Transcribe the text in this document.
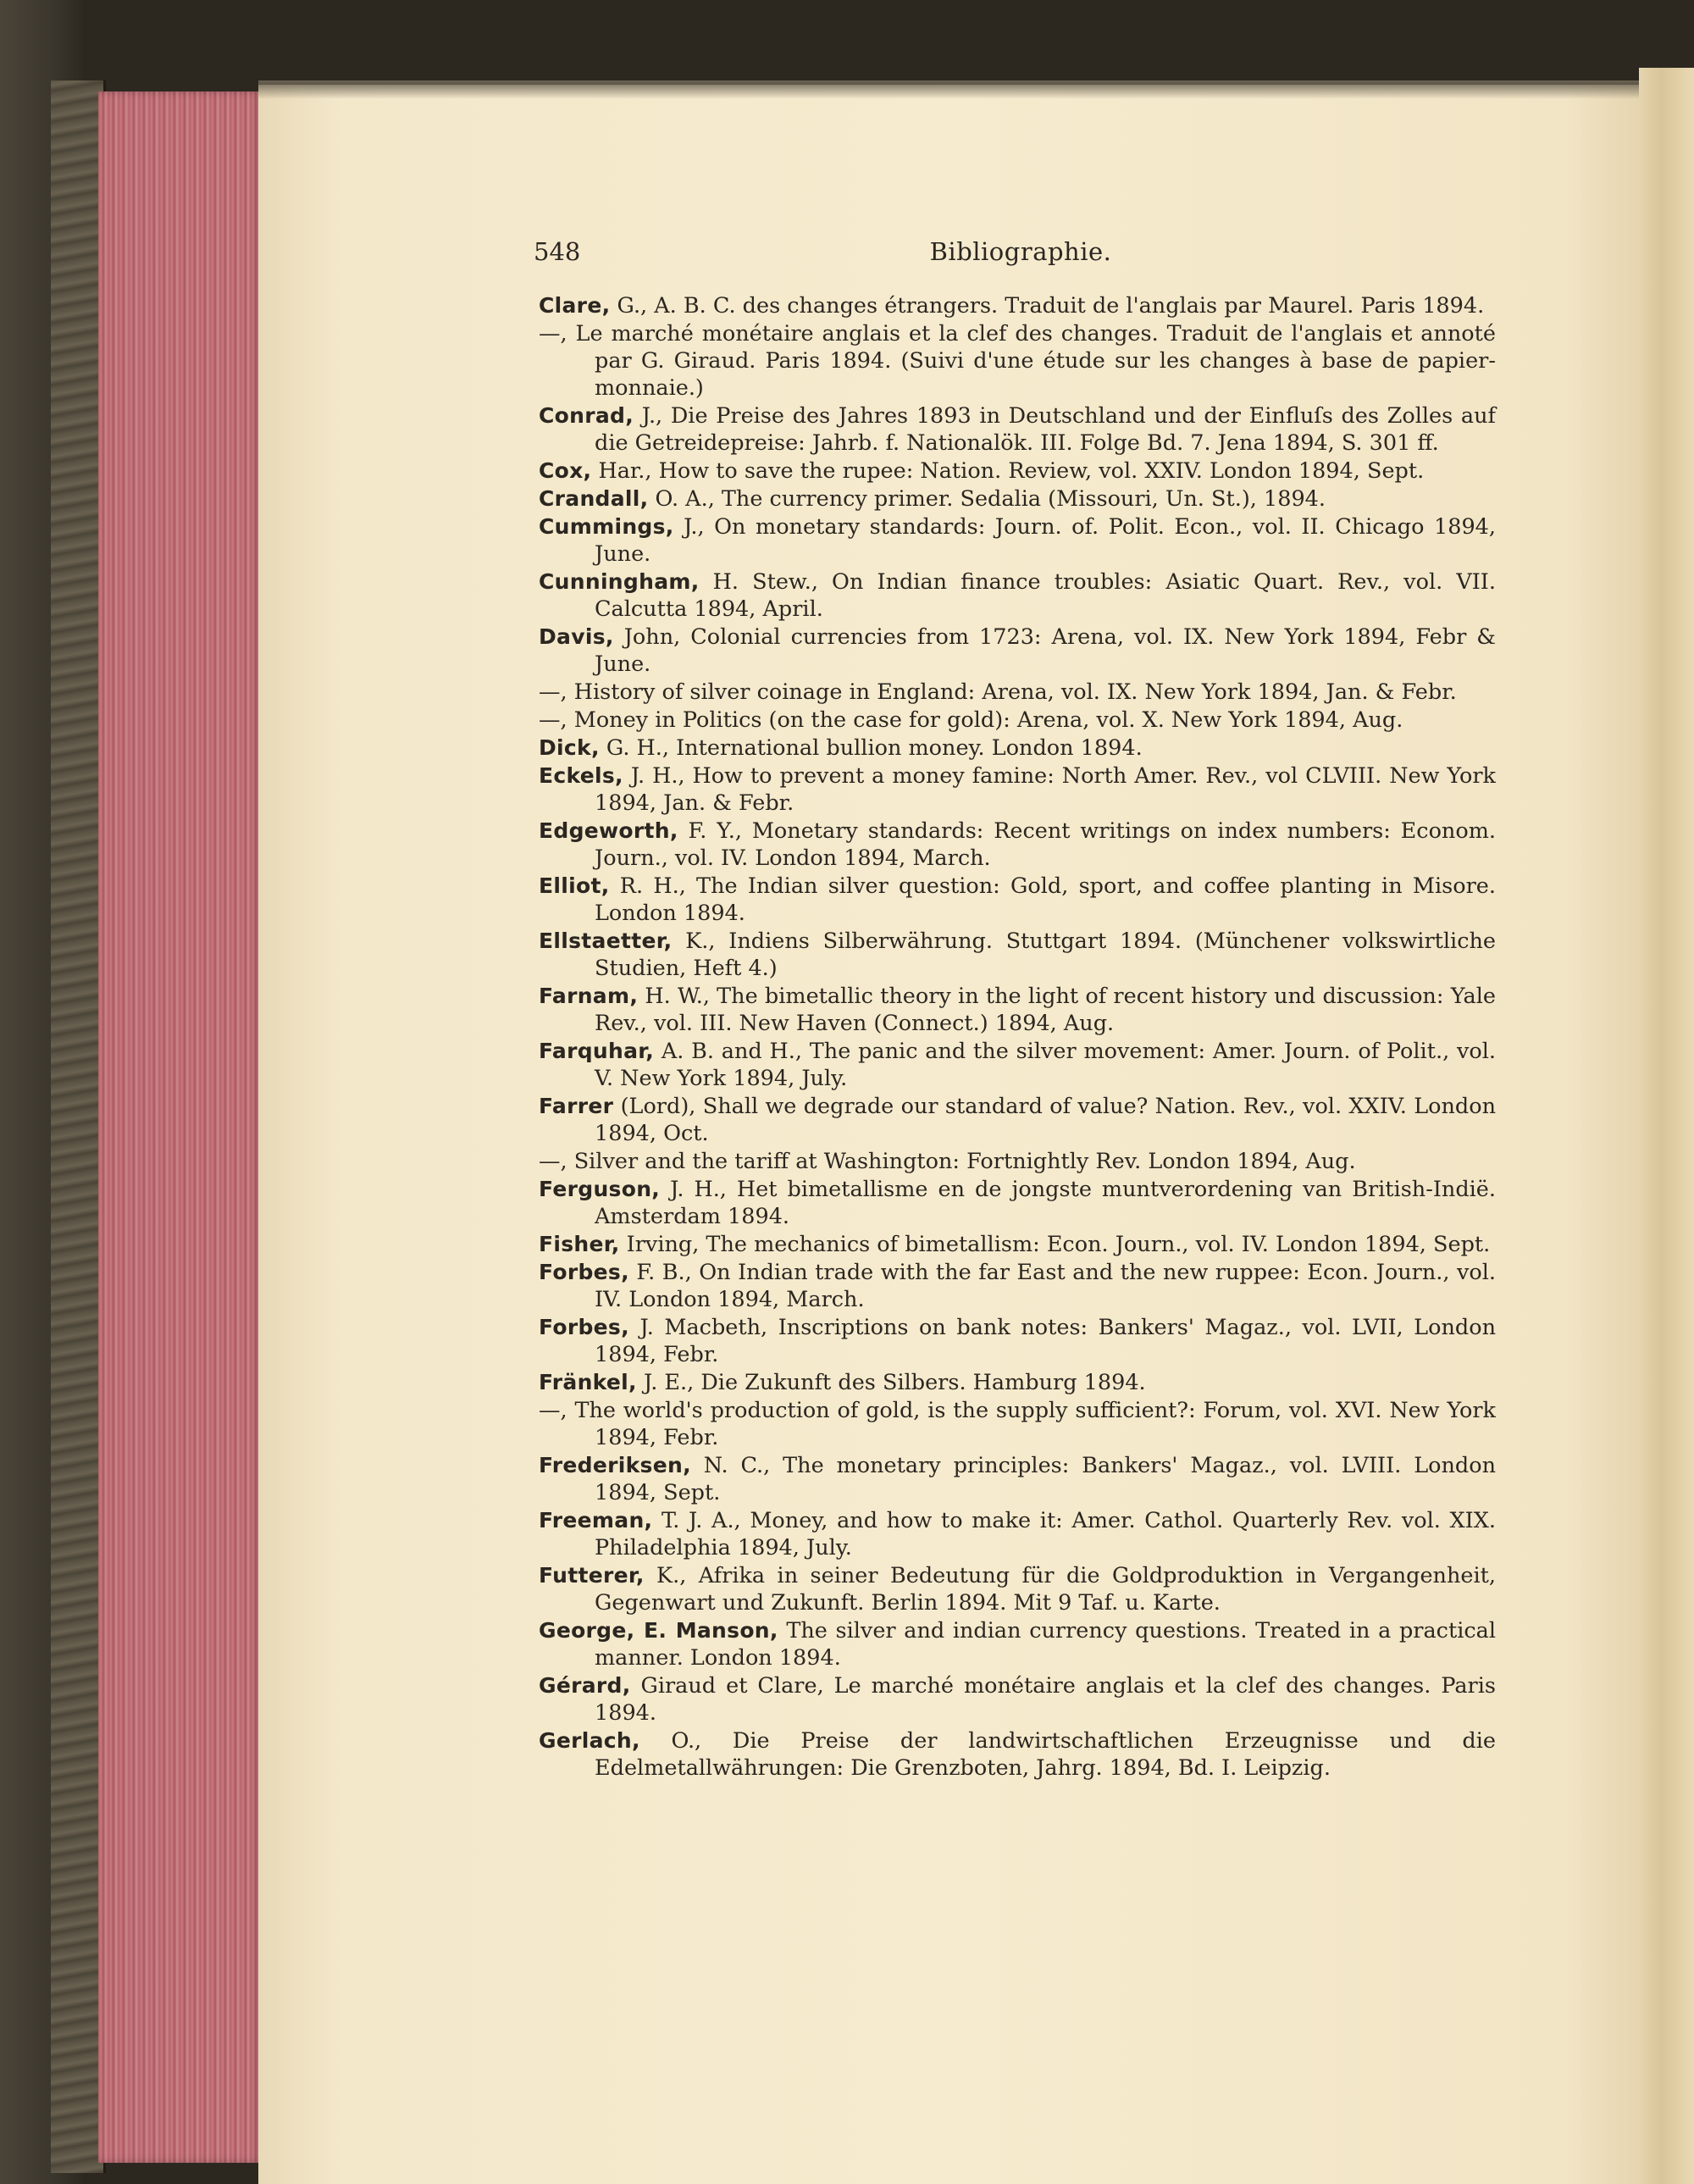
548	Bibliographie.
Clare, G., A. B. C. des changes étrangers. Traduit de l'anglais par Maurel. Paris 1894.
—, Le marché monétaire anglais et la clef des changes. Traduit de l'anglais et annoté par G. Giraud. Paris 1894. (Suivi d'une étude sur les changes à base de papier-monnaie.)
Conrad, J., Die Preise des Jahres 1893 in Deutschland und der Einfluſs des Zolles auf die Getreidepreise: Jahrb. f. Nationalök. III. Folge Bd. 7. Jena 1894, S. 301 ff.
Cox, Har., How to save the rupee: Nation. Review, vol. XXIV. London 1894, Sept.
Crandall, O. A., The currency primer. Sedalia (Missouri, Un. St.), 1894.
Cummings, J., On monetary standards: Journ. of. Polit. Econ., vol. II. Chicago 1894, June.
Cunningham, H. Stew., On Indian finance troubles: Asiatic Quart. Rev., vol. VII. Calcutta 1894, April.
Davis, John, Colonial currencies from 1723: Arena, vol. IX. New York 1894, Febr & June.
—, History of silver coinage in England: Arena, vol. IX. New York 1894, Jan. & Febr.
—, Money in Politics (on the case for gold): Arena, vol. X. New York 1894, Aug.
Dick, G. H., International bullion money. London 1894.
Eckels, J. H., How to prevent a money famine: North Amer. Rev., vol CLVIII. New York 1894, Jan. & Febr.
Edgeworth, F. Y., Monetary standards: Recent writings on index numbers: Econom. Journ., vol. IV. London 1894, March.
Elliot, R. H., The Indian silver question: Gold, sport, and coffee planting in Misore. London 1894.
Ellstaetter, K., Indiens Silberwährung. Stuttgart 1894. (Münchener volkswirtliche Studien, Heft 4.)
Farnam, H. W., The bimetallic theory in the light of recent history und discussion: Yale Rev., vol. III. New Haven (Connect.) 1894, Aug.
Farquhar, A. B. and H., The panic and the silver movement: Amer. Journ. of Polit., vol. V. New York 1894, July.
Farrer (Lord), Shall we degrade our standard of value? Nation. Rev., vol. XXIV. London 1894, Oct.
—, Silver and the tariff at Washington: Fortnightly Rev. London 1894, Aug.
Ferguson, J. H., Het bimetallisme en de jongste muntverordening van British-Indië. Amsterdam 1894.
Fisher, Irving, The mechanics of bimetallism: Econ. Journ., vol. IV. London 1894, Sept.
Forbes, F. B., On Indian trade with the far East and the new ruppee: Econ. Journ., vol. IV. London 1894, March.
Forbes, J. Macbeth, Inscriptions on bank notes: Bankers' Magaz., vol. LVII, London 1894, Febr.
Fränkel, J. E., Die Zukunft des Silbers. Hamburg 1894.
—, The world's production of gold, is the supply sufficient?: Forum, vol. XVI. New York 1894, Febr.
Frederiksen, N. C., The monetary principles: Bankers' Magaz., vol. LVIII. London 1894, Sept.
Freeman, T. J. A., Money, and how to make it: Amer. Cathol. Quarterly Rev. vol. XIX. Philadelphia 1894, July.
Futterer, K., Afrika in seiner Bedeutung für die Goldproduktion in Vergangenheit, Gegenwart und Zukunft. Berlin 1894. Mit 9 Taf. u. Karte.
George, E. Manson, The silver and indian currency questions. Treated in a practical manner. London 1894.
Gérard, Giraud et Clare, Le marché monétaire anglais et la clef des changes. Paris 1894.
Gerlach, O., Die Preise der landwirtschaftlichen Erzeugnisse und die Edelmetallwährungen: Die Grenzboten, Jahrg. 1894, Bd. I. Leipzig.
